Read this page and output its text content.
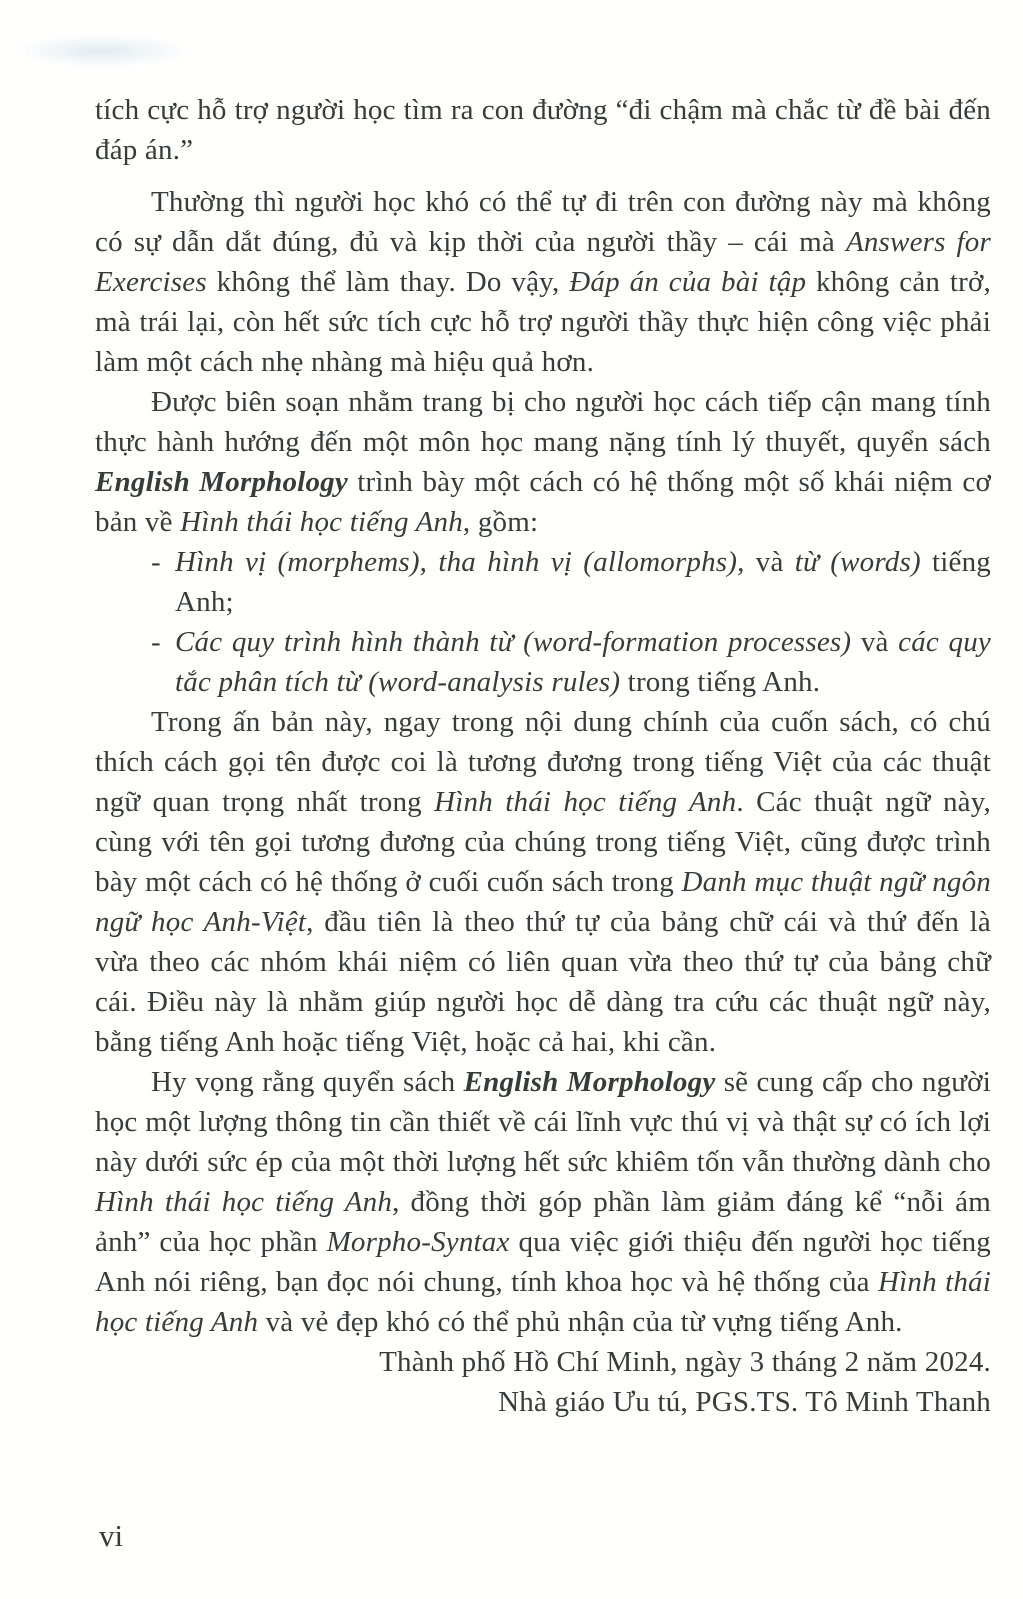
tích cực hỗ trợ người học tìm ra con đường “đi chậm mà chắc từ đề bài đến đáp án.”

Thường thì người học khó có thể tự đi trên con đường này mà không có sự dẫn dắt đúng, đủ và kịp thời của người thầy – cái mà Answers for Exercises không thể làm thay. Do vậy, Đáp án của bài tập không cản trở, mà trái lại, còn hết sức tích cực hỗ trợ người thầy thực hiện công việc phải làm một cách nhẹ nhàng mà hiệu quả hơn.

Được biên soạn nhằm trang bị cho người học cách tiếp cận mang tính thực hành hướng đến một môn học mang nặng tính lý thuyết, quyển sách English Morphology trình bày một cách có hệ thống một số khái niệm cơ bản về Hình thái học tiếng Anh, gồm:

- Hình vị (morphems), tha hình vị (allomorphs), và từ (words) tiếng Anh;
- Các quy trình hình thành từ (word-formation processes) và các quy tắc phân tích từ (word-analysis rules) trong tiếng Anh.

Trong ấn bản này, ngay trong nội dung chính của cuốn sách, có chú thích cách gọi tên được coi là tương đương trong tiếng Việt của các thuật ngữ quan trọng nhất trong Hình thái học tiếng Anh. Các thuật ngữ này, cùng với tên gọi tương đương của chúng trong tiếng Việt, cũng được trình bày một cách có hệ thống ở cuối cuốn sách trong Danh mục thuật ngữ ngôn ngữ học Anh-Việt, đầu tiên là theo thứ tự của bảng chữ cái và thứ đến là vừa theo các nhóm khái niệm có liên quan vừa theo thứ tự của bảng chữ cái. Điều này là nhằm giúp người học dễ dàng tra cứu các thuật ngữ này, bằng tiếng Anh hoặc tiếng Việt, hoặc cả hai, khi cần.

Hy vọng rằng quyển sách English Morphology sẽ cung cấp cho người học một lượng thông tin cần thiết về cái lĩnh vực thú vị và thật sự có ích lợi này dưới sức ép của một thời lượng hết sức khiêm tốn vẫn thường dành cho Hình thái học tiếng Anh, đồng thời góp phần làm giảm đáng kể “nỗi ám ảnh” của học phần Morpho-Syntax qua việc giới thiệu đến người học tiếng Anh nói riêng, bạn đọc nói chung, tính khoa học và hệ thống của Hình thái học tiếng Anh và vẻ đẹp khó có thể phủ nhận của từ vựng tiếng Anh.

Thành phố Hồ Chí Minh, ngày 3 tháng 2 năm 2024.

Nhà giáo Ưu tú, PGS.TS. Tô Minh Thanh

vi
